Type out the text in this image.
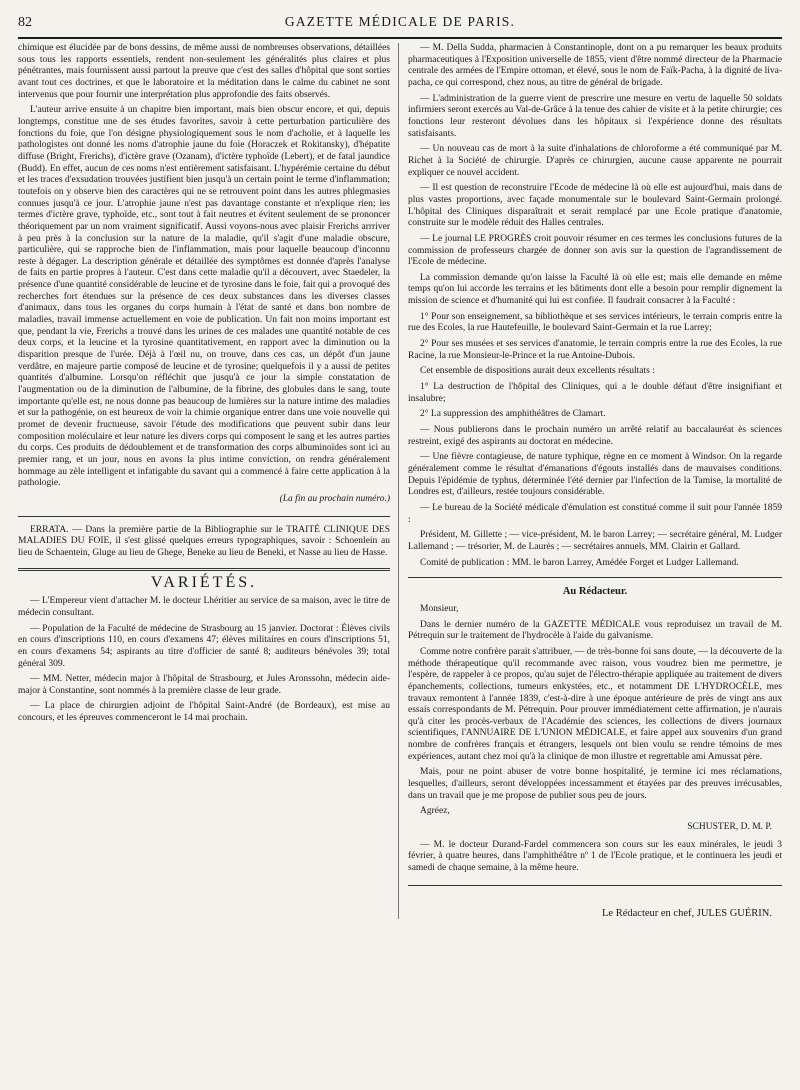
82	GAZETTE MÉDICALE DE PARIS.

chimique est élucidée par de bons dessins, de même aussi de nombreuses observations, détaillées sous tous les rapports essentiels, rendent non-seulement les généralités plus claires et plus pénétrantes, mais fournissent aussi partout la preuve que c'est des salles d'hôpital que sont sorties avant tout ces doctrines, et que le laboratoire et la méditation dans le calme du cabinet ne sont intervenus que pour fournir une interprétation plus approfondie des faits observés.

L'auteur arrive ensuite à un chapitre bien important, mais bien obscur encore, et qui, depuis longtemps, constitue une de ses études favorites, savoir à cette perturbation particulière des fonctions du foie, que l'on désigne physiologiquement sous le nom d'acholie, et à laquelle les pathologistes ont donné les noms d'atrophie jaune du foie (Horaczek et Rokitansky), d'hépatite diffuse (Bright, Frerichs), d'ictère grave (Ozanam), d'ictère typhoïde (Lebert), et de fatal jaundice (Budd). En effet, aucun de ces noms n'est entièrement satisfaisant. L'hypérémie certaine du début et les traces d'exsudation trouvées justifient bien jusqu'à un certain point le terme d'inflammation; toutefois on y observe bien des caractères qui ne se retrouvent point dans les autres phlegmasies connues jusqu'à ce jour. L'atrophie jaune n'est pas davantage constante et n'explique rien; les termes d'ictère grave, typhoïde, etc., sont tout à fait neutres et évitent seulement de se prononcer théoriquement par un nom vraiment significatif. Aussi voyons-nous avec plaisir Frerichs arrriver à peu près à la conclusion sur la nature de la maladie, qu'il s'agit d'une maladie obscure, particulière, qui se rapproche bien de l'inflammation, mais pour laquelle beaucoup d'inconnu reste à dégager. La description générale et détaillée des symptômes est donnée d'après l'analyse de faits en partie propres à l'auteur. C'est dans cette maladie qu'il a découvert, avec Staedeler, la présence d'une quantité considérable de leucine et de tyrosine dans le foie, fait qui a provoqué des recherches fort étendues sur la présence de ces deux substances dans les diverses classes d'animaux, dans tous les organes du corps humain à l'état de santé et dans bon nombre de maladies, travail immense actuellement en voie de publication. Un fait non moins important est que, pendant la vie, Frerichs a trouvé dans les urines de ces malades une quantité notable de ces deux corps, et la leucine et la tyrosine quantitativement, en rapport avec la diminution ou la disparition presque de l'urée. Déjà à l'œil nu, on trouve, dans ces cas, un dépôt d'un jaune verdâtre, en majeure partie composé de leucine et de tyrosine; quelquefois il y a aussi de petites quantités d'albumine. Lorsqu'on réfléchit que jusqu'à ce jour la simple constatation de l'augmentation ou de la diminution de l'albumine, de la fibrine, des globules dans le sang, toute importante qu'elle est, ne nous donne pas beaucoup de lumières sur la nature intime des maladies et sur la pathogénie, on est heureux de voir la chimie organique entrer dans une voie nouvelle qui promet de devenir fructueuse, savoir l'étude des modifications que peuvent subir dans leur composition moléculaire et leur nature les divers corps qui composent le sang et les autres parties du corps. Ces produits de dédoublement et de transformation des corps albuminoïdes sont ici au premier rang, et un jour, nous en avons la plus intime conviction, on rendra généralement hommage au zèle intelligent et infatigable du savant qui a commencé à faire cette application à la pathologie.

(La fin au prochain numéro.)

ERRATA. — Dans la première partie de la Bibliographie sur le TRAITÉ CLINIQUE DES MALADIES DU FOIE, il s'est glissé quelques erreurs typographiques, savoir : Schoenlein au lieu de Schaentein, Gluge au lieu de Ghege, Beneke au lieu de Beneki, et Nasse au lieu de Hasse.

VARIÉTÉS.

— L'Empereur vient d'attacher M. le docteur Lhéritier au service de sa maison, avec le titre de médecin consultant.

— Population de la Faculté de médecine de Strasbourg au 15 janvier. Doctorat : Élèves civils en cours d'inscriptions 110, en cours d'examens 47; élèves militaires en cours d'inscriptions 51, en cours d'examens 54; aspirants au titre d'officier de santé 8; auditeurs bénévoles 39; total général 309.

— MM. Netter, médecin major à l'hôpital de Strasbourg, et Jules Aronssohn, médecin aide-major à Constantine, sont nommés à la première classe de leur grade.

— La place de chirurgien adjoint de l'hôpital Saint-André (de Bordeaux), est mise au concours, et les épreuves commenceront le 14 mai prochain.

— M. Della Sudda, pharmacien à Constantinople, dont on a pu remarquer les beaux produits pharmaceutiques à l'Exposition universelle de 1855, vient d'être nommé directeur de la Pharmacie centrale des armées de l'Empire ottoman, et élevé, sous le nom de Faïk-Pacha, à la dignité de liva-pacha, ce qui correspond, chez nous, au titre de général de brigade.

— L'administration de la guerre vient de prescrire une mesure en vertu de laquelle 50 soldats infirmiers seront exercés au Val-de-Grâce à la tenue des cahier de visite et à la petite chirurgie; ces fonctions leur resteront dévolues dans les hôpitaux si l'expérience donne des résultats satisfaisants.

— Un nouveau cas de mort à la suite d'inhalations de chloroforme a été communiqué par M. Richet à la Société de chirurgie. D'après ce chirurgien, aucune cause apparente ne pourrait expliquer ce nouvel accident.

— Il est question de reconstruire l'Ecode de médecine là où elle est aujourd'hui, mais dans de plus vastes proportions, avec façade monumentale sur le boulevard Saint-Germain prolongé. L'hôpital des Cliniques disparaîtrait et serait remplacé par une Ecole pratique d'anatomie, construite sur le modèle réduit des Halles centrales.

— Le journal LE PROGRÈS croit pouvoir résumer en ces termes les conclusions futures de la commission de professeurs chargée de donner son avis sur la question de l'agrandissement de l'Ecole de médecine.

La commission demande qu'on laisse la Faculté là où elle est; mais elle demande en même temps qu'on lui accorde les terrains et les bâtiments dont elle a besoin pour remplir dignement la mission de science et d'humanité qui lui est confiée. Il faudrait consacrer à la Faculté :

1° Pour son enseignement, sa bibliothèque et ses services intérieurs, le terrain compris entre la rue des Ecoles, la rue Hautefeuille, le boulevard Saint-Germain et la rue Larrey;

2° Pour ses musées et ses services d'anatomie, le terrain compris entre la rue des Ecoles, la rue Racine, la rue Monsieur-le-Prince et la rue Antoine-Dubois.

Cet ensemble de dispositions aurait deux excellents résultats :

1° La destruction de l'hôpital des Cliniques, qui a le double défaut d'être insignifiant et insalubre;

2° La suppression des amphithéâtres de Clamart.

— Nous publierons dans le prochain numéro un arrêté relatif au baccalauréat ès sciences restreint, exigé des aspirants au doctorat en médecine.

— Une fièvre contagieuse, de nature typhique, règne en ce moment à Windsor. On la regarde généralement comme le résultat d'émanations d'égouts installés dans de mauvaises conditions. Depuis l'épidémie de typhus, déterminée l'été dernier par l'infection de la Tamise, la mortalité de Londres est, d'ailleurs, restée toujours considérable.

— Le bureau de la Société médicale d'émulation est constitué comme il suit pour l'année 1859 :

Président, M. Gillette ; — vice-président, M. le baron Larrey; — secrétaire général, M. Ludger Lallemand ; — trésorier, M. de Laurès ; — secrétaires annuels, MM. Clairin et Gallard.

Comité de publication : MM. le baron Larrey, Amédée Forget et Ludger Lallemand.

Au Rédacteur.

Monsieur,

Dans le dernier numéro de la GAZETTE MÉDICALE vous reproduisez un travail de M. Pétrequin sur le traitement de l'hydrocèle à l'aide du galvanisme.

Comme notre confrère parait s'attribuer, — de très-bonne foi sans doute, — la découverte de la méthode thérapeutique qu'il recommande avec raison, vous voudrez bien me permettre, je l'espère, de rappeler à ce propos, qu'au sujet de l'électro-thérapie appliquée au traitement de divers épanchements, collections, tumeurs enkystées, etc., et notamment DE L'HYDROCÈLE, mes travaux remontent à l'année 1839, c'est-à-dire à une époque antérieure de près de vingt ans aux essais correspondants de M. Pétrequin. Pour prouver immédiatement cette affirmation, je n'aurais qu'à citer les procès-verbaux de l'Académie des sciences, les collections de divers journaux scientifiques, l'ANNUAIRE DE L'UNION MÉDICALE, et faire appel aux souvenirs d'un grand nombre de confrères français et étrangers, lesquels ont bien voulu se rendre témoins de mes expériences, autant chez moi qu'à la clinique de mon illustre et regrettable ami Amussat père.

Mais, pour ne point abuser de votre bonne hospitalité, je termine ici mes réclamations, lesquelles, d'ailleurs, seront développées incessamment et étayées par des preuves irrécusables, dans un travail que je me propose de publier sous peu de jours.

Agréez,

SCHUSTER, D. M. P.

— M. le docteur Durand-Fardel commencera son cours sur les eaux minérales, le jeudi 3 février, à quatre heures, dans l'amphithéâtre nº 1 de l'Ecole pratique, et le continuera les jeudi et samedi de chaque semaine, à la même heure.

Le Rédacteur en chef, JULES GUÉRIN.
